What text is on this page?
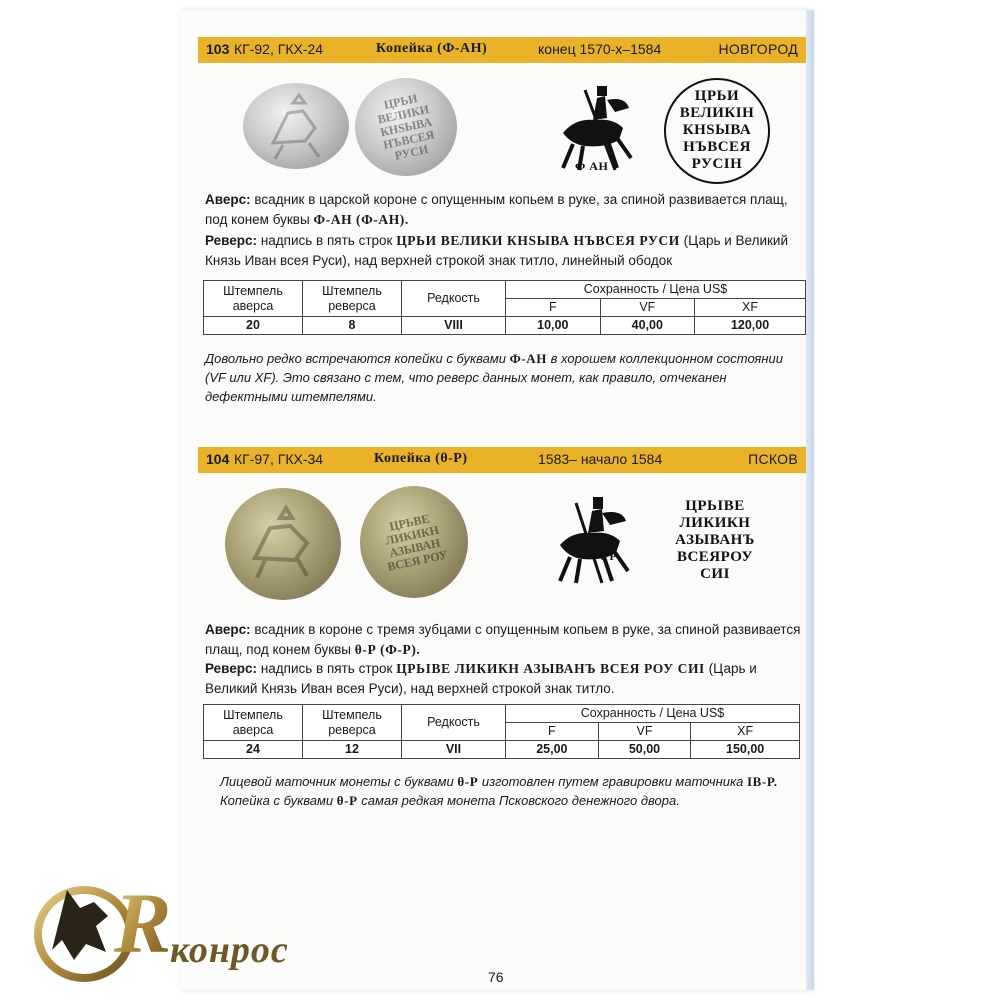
103 КГ-92, ГКХ-24	Копейка (Ф-АН)	конец 1570-х–1584	НОВГОРОД
ЦРЬИ
ВЕЛИКИ
КНЅЫВА
НЪВСЕЯ
РУСИ
Ф АН
ЦРЬИ
ВЕЛИКІН
КНЅЫВА
НЪВСЕЯ
РУСІН
Аверс: всадник в царской короне с опущенным копьем в руке, за спиной развивается плащ, под конем буквы Ф-АН (Ф-АН).
Реверс: надпись в пять строк ЦРЬИ ВЕЛИКИ КНЅЫВА НЪВСЕЯ РУСИ (Царь и Великий Князь Иван всея Руси), над верхней строкой знак титло, линейный ободок
Штемпель аверса	Штемпель реверса	Редкость	Сохранность / Цена US$		
			F	VF	XF
20	8	VIII	10,00	40,00	120,00
Довольно редко встречаются копейки с буквами Ф-АН в хорошем коллекционном состоянии (VF или XF). Это связано с тем, что реверс данных монет, как правило, отчеканен дефектными штемпелями.
104 КГ-97, ГКХ-34	Копейка (θ-Р)	1583– начало 1584	ПСКОВ
ЦРЬВЕ
ЛИКИКН
АЗЫВАН
ВСЕЯ РОУ	θ Р
ЦРЬІВЕ
ЛИКИКН
АЗЫВАНЪ
ВСЕЯРОУ
СИІ
Аверс: всадник в короне с тремя зубцами с опущенным копьем в руке, за спиной развивается плащ, под конем буквы θ-Р (Ф-Р).
Реверс: надпись в пять строк ЦРЬІВЕ ЛИКИКН АЗЫВАНЪ ВСЕЯ РОУ СИІ (Царь и Великий Князь Иван всея Руси), над верхней строкой знак титло.
Штемпель аверса	Штемпель реверса	Редкость	Сохранность / Цена US$		
			F	VF	XF
24	12	VII	25,00	50,00	150,00
Лицевой маточник монеты с буквами θ-Р изготовлен путем гравировки маточника ІВ-Р.
Копейка с буквами θ-Р самая редкая монета Псковского денежного двора.
76
R
конрос
